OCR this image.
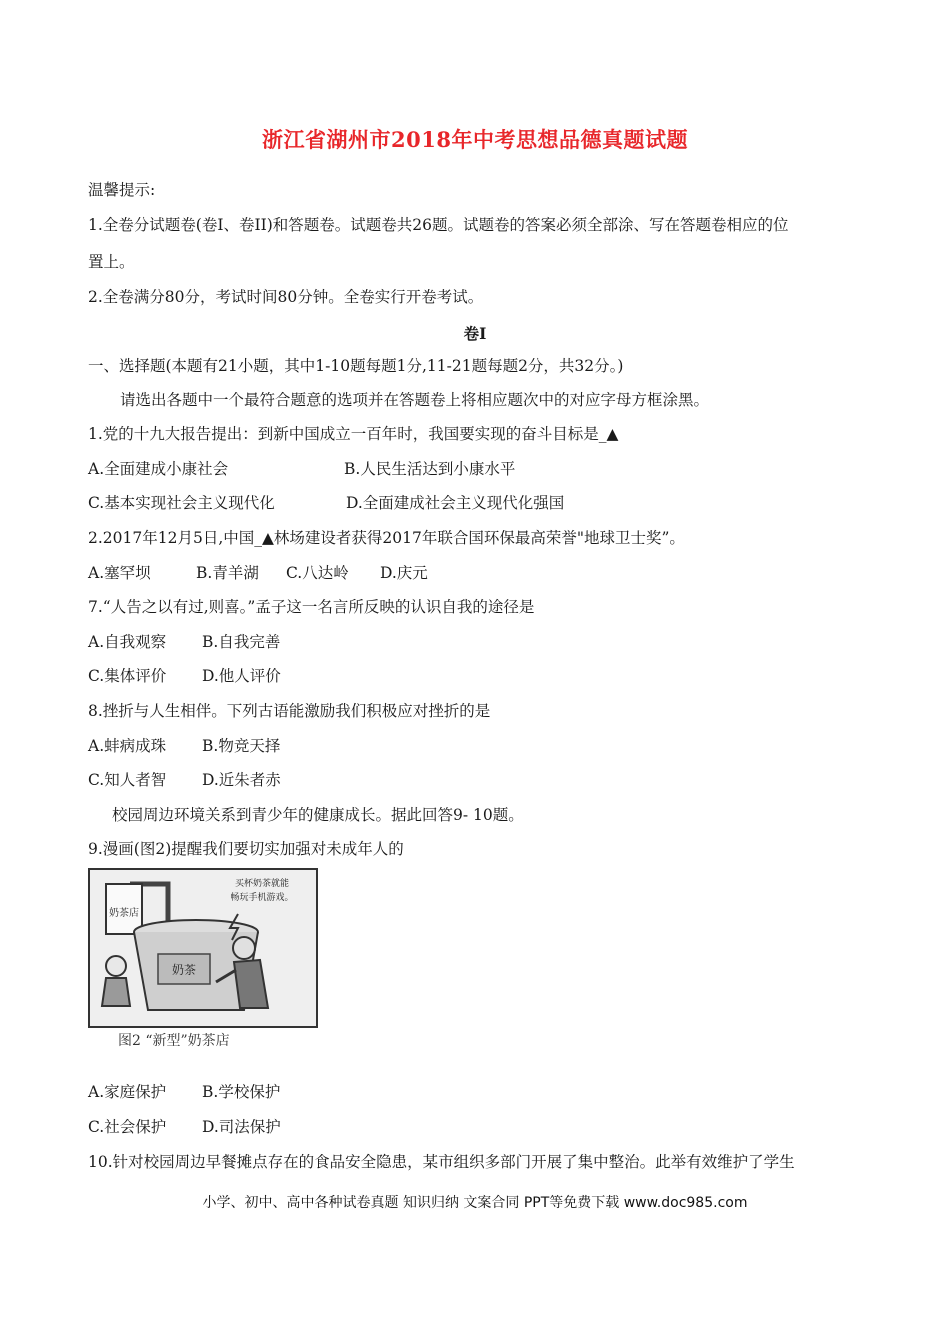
浙江省湖州市2018年中考思想品德真题试题
温馨提示:
1.全卷分试题卷(卷I、卷II)和答题卷。试题卷共26题。试题卷的答案必须全部涂、写在答题卷相应的位
置上。
2.全卷满分80分，考试时间80分钟。全卷实行开卷考试。
卷I
一、选择题(本题有21小题，其中1-10题每题1分,11-21题每题2分，共32分。)
请选出各题中一个最符合题意的选项并在答题卷上将相应题次中的对应字母方框涂黑。
1.党的十九大报告提出：到新中国成立一百年时，我国要实现的奋斗目标是_▲
A.全面建成小康社会	B.人民生活达到小康水平
C.基本实现社会主义现代化	D.全面建成社会主义现代化强国
2.2017年12月5日,中国_▲林场建设者获得2017年联合国环保最高荣誉"地球卫士奖”。
A.塞罕坝	B.青羊湖 C.八达岭 D.庆元
7.“人告之以有过,则喜。”孟子这一名言所反映的认识自我的途径是
A.自我观察 B.自我完善
C.集体评价 D.他人评价
8.挫折与人生相伴。下列古语能激励我们积极应对挫折的是
A.蚌病成珠 B.物竞天择
C.知人者智 D.近朱者赤
校园周边环境关系到青少年的健康成长。据此回答9- 10题。
9.漫画(图2)提醒我们要切实加强对未成年人的
奶茶店
奶茶
买杯奶茶就能
畅玩手机游戏。
图2 “新型”奶茶店
A.家庭保护 B.学校保护
C.社会保护 D.司法保护
10.针对校园周边早餐摊点存在的食品安全隐患，某市组织多部门开展了集中整治。此举有效维护了学生
小学、初中、高中各种试卷真题 知识归纳 文案合同 PPT等免费下载 www.doc985.com
